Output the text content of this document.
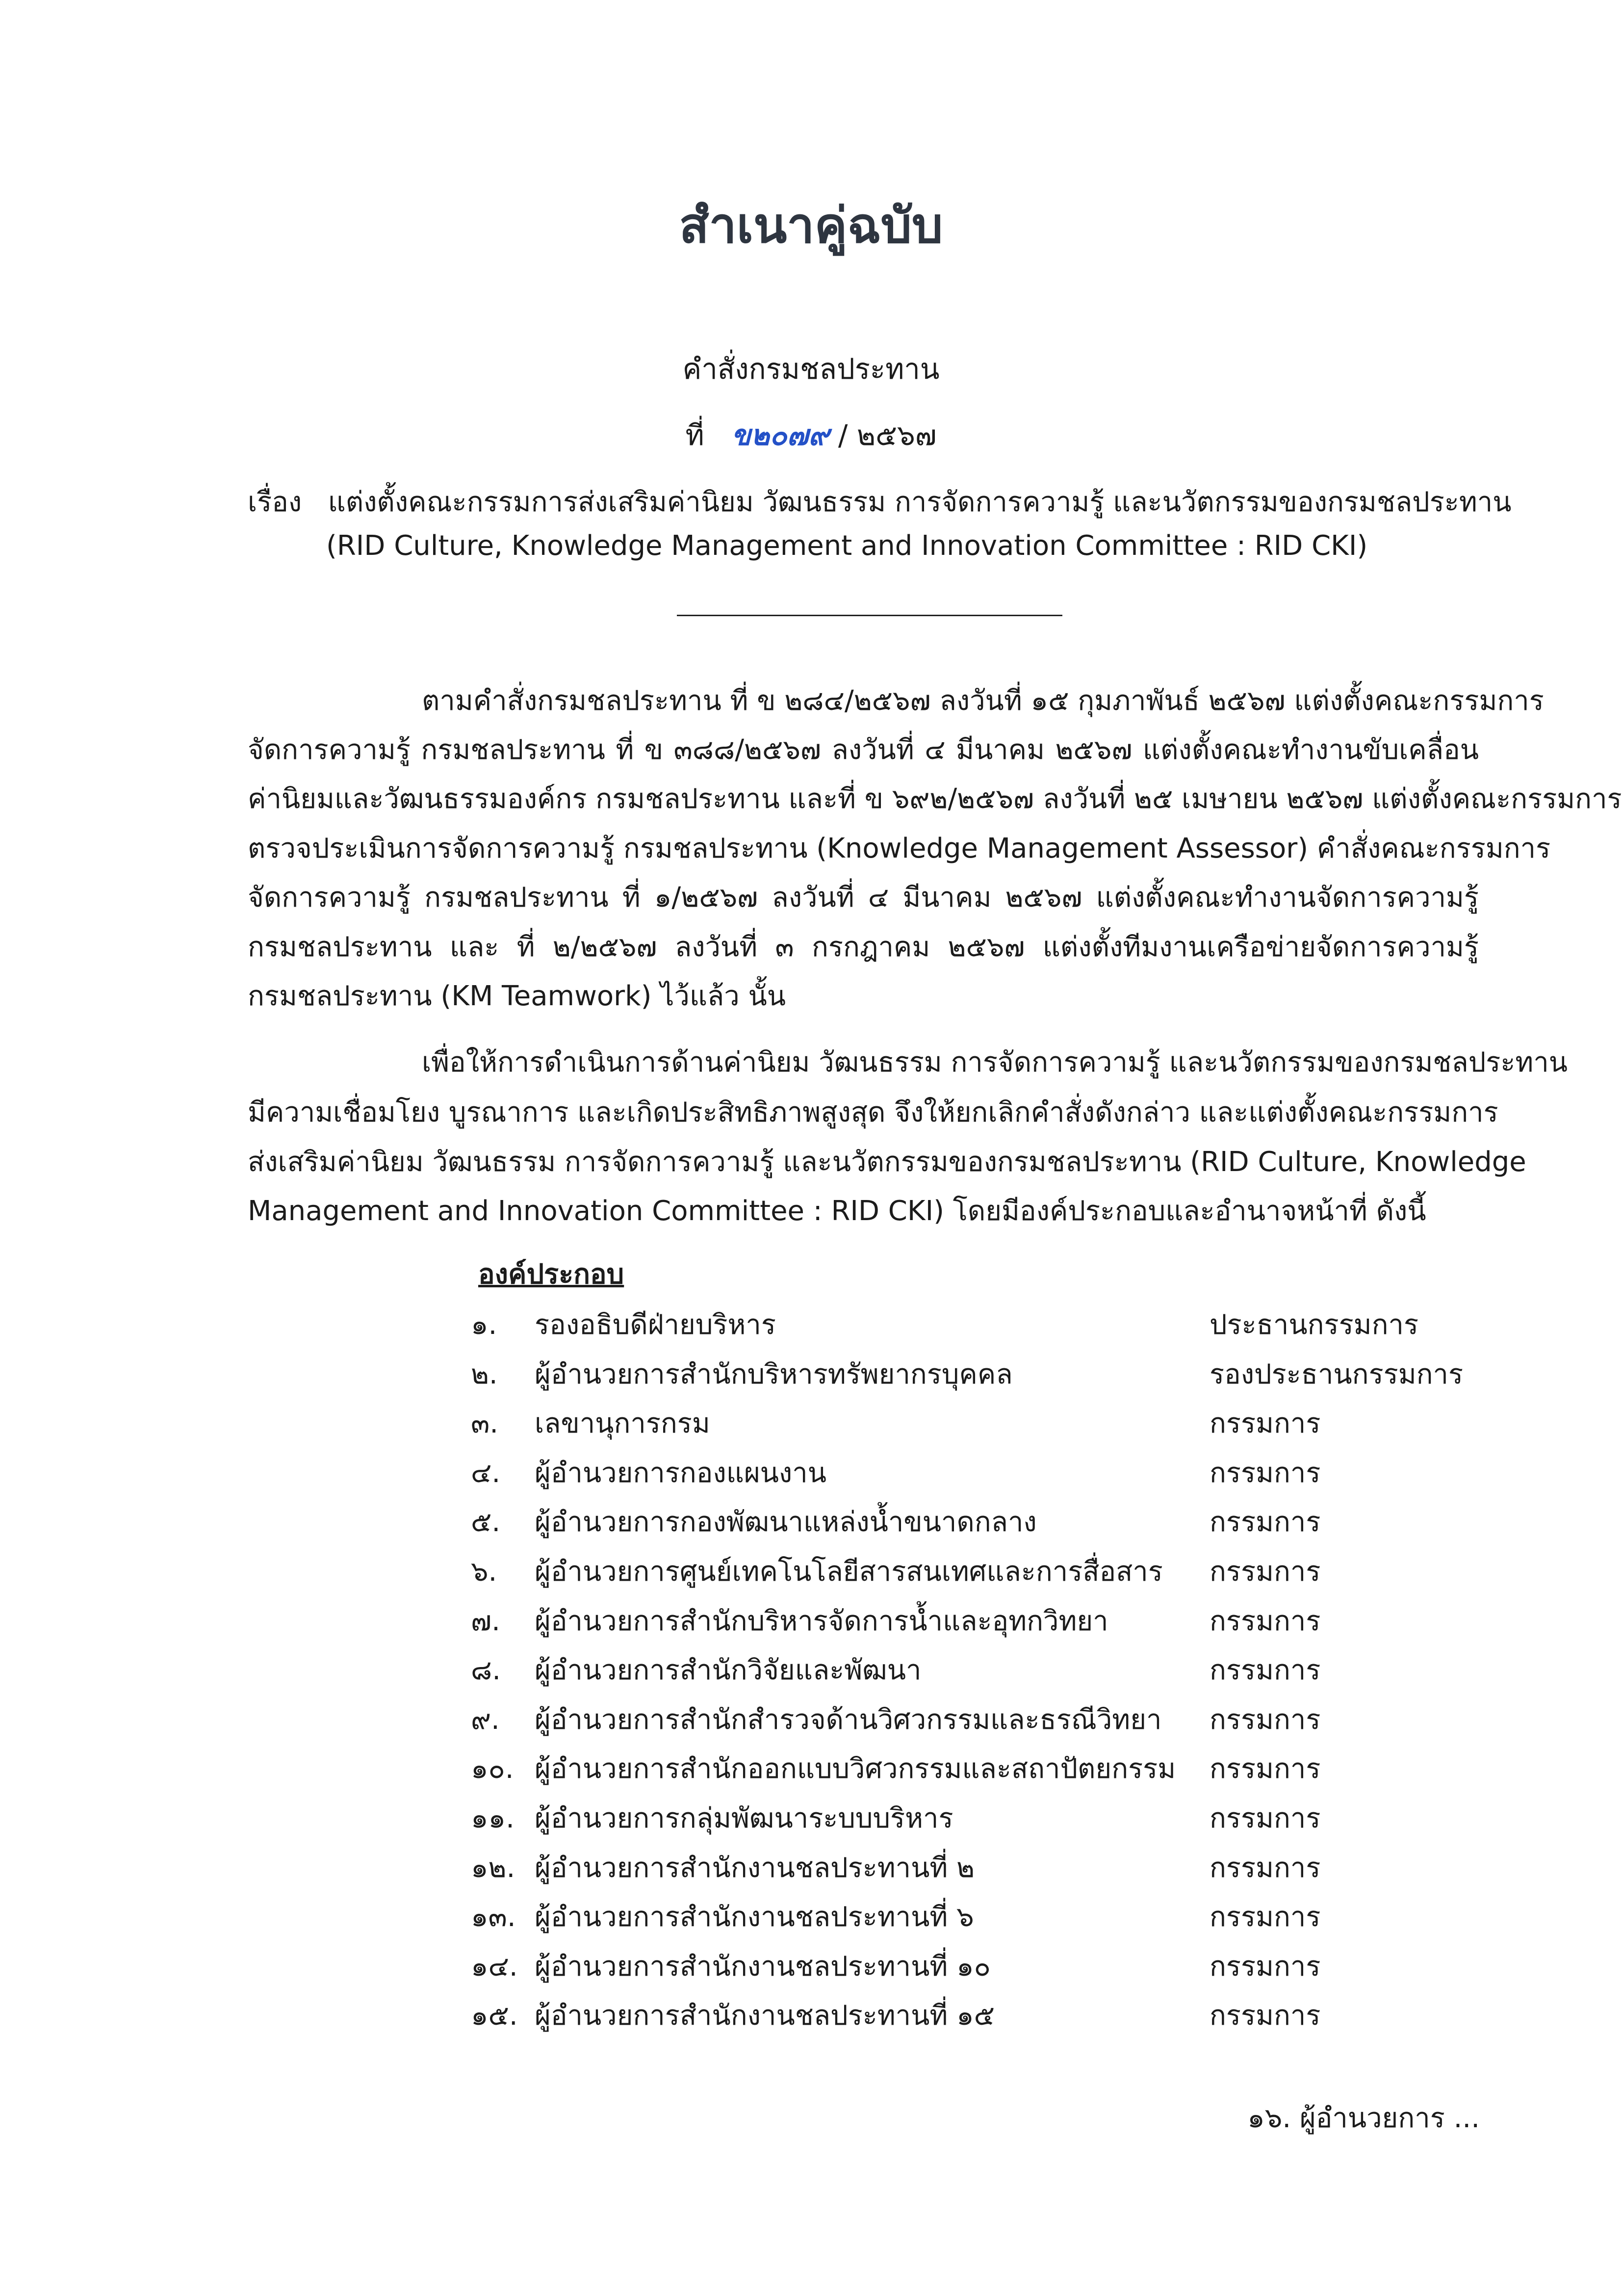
สำเนาคู่ฉบับ
คำสั่งกรมชลประทาน
ที่ ข๒๐๗๙ / ๒๕๖๗
เรื่อง แต่งตั้งคณะกรรมการส่งเสริมค่านิยม วัฒนธรรม การจัดการความรู้ และนวัตกรรมของกรมชลประทาน
(RID Culture, Knowledge Management and Innovation Committee : RID CKI)
ตามคำสั่งกรมชลประทาน ที่ ข ๒๘๔/๒๕๖๗ ลงวันที่ ๑๕ กุมภาพันธ์ ๒๕๖๗ แต่งตั้งคณะกรรมการ
จัดการความรู้ กรมชลประทาน ที่ ข ๓๘๘/๒๕๖๗ ลงวันที่ ๔ มีนาคม ๒๕๖๗ แต่งตั้งคณะทำงานขับเคลื่อน
ค่านิยมและวัฒนธรรมองค์กร กรมชลประทาน และที่ ข ๖๙๒/๒๕๖๗ ลงวันที่ ๒๕ เมษายน ๒๕๖๗ แต่งตั้งคณะกรรมการ
ตรวจประเมินการจัดการความรู้ กรมชลประทาน (Knowledge Management Assessor) คำสั่งคณะกรรมการ
จัดการความรู้ กรมชลประทาน ที่ ๑/๒๕๖๗ ลงวันที่ ๔ มีนาคม ๒๕๖๗ แต่งตั้งคณะทำงานจัดการความรู้
กรมชลประทาน และ ที่ ๒/๒๕๖๗ ลงวันที่ ๓ กรกฎาคม ๒๕๖๗ แต่งตั้งทีมงานเครือข่ายจัดการความรู้
กรมชลประทาน (KM Teamwork) ไว้แล้ว นั้น
เพื่อให้การดำเนินการด้านค่านิยม วัฒนธรรม การจัดการความรู้ และนวัตกรรมของกรมชลประทาน
มีความเชื่อมโยง บูรณาการ และเกิดประสิทธิภาพสูงสุด จึงให้ยกเลิกคำสั่งดังกล่าว และแต่งตั้งคณะกรรมการ
ส่งเสริมค่านิยม วัฒนธรรม การจัดการความรู้ และนวัตกรรมของกรมชลประทาน (RID Culture, Knowledge
Management and Innovation Committee : RID CKI) โดยมีองค์ประกอบและอำนาจหน้าที่ ดังนี้
องค์ประกอบ
๑.	รองอธิบดีฝ่ายบริหาร	ประธานกรรมการ
๒.	ผู้อำนวยการสำนักบริหารทรัพยากรบุคคล	รองประธานกรรมการ
๓.	เลขานุการกรม	กรรมการ
๔.	ผู้อำนวยการกองแผนงาน	กรรมการ
๕.	ผู้อำนวยการกองพัฒนาแหล่งน้ำขนาดกลาง	กรรมการ
๖.	ผู้อำนวยการศูนย์เทคโนโลยีสารสนเทศและการสื่อสาร กรรมการ
๗.	ผู้อำนวยการสำนักบริหารจัดการน้ำและอุทกวิทยา	กรรมการ
๘.	ผู้อำนวยการสำนักวิจัยและพัฒนา	กรรมการ
๙.	ผู้อำนวยการสำนักสำรวจด้านวิศวกรรมและธรณีวิทยา กรรมการ
๑๐. ผู้อำนวยการสำนักออกแบบวิศวกรรมและสถาปัตยกรรม กรรมการ
๑๑. ผู้อำนวยการกลุ่มพัฒนาระบบบริหาร	กรรมการ
๑๒. ผู้อำนวยการสำนักงานชลประทานที่ ๒	กรรมการ
๑๓. ผู้อำนวยการสำนักงานชลประทานที่ ๖	กรรมการ
๑๔. ผู้อำนวยการสำนักงานชลประทานที่ ๑๐	กรรมการ
๑๕. ผู้อำนวยการสำนักงานชลประทานที่ ๑๕	กรรมการ
๑๖. ผู้อำนวยการ ...
